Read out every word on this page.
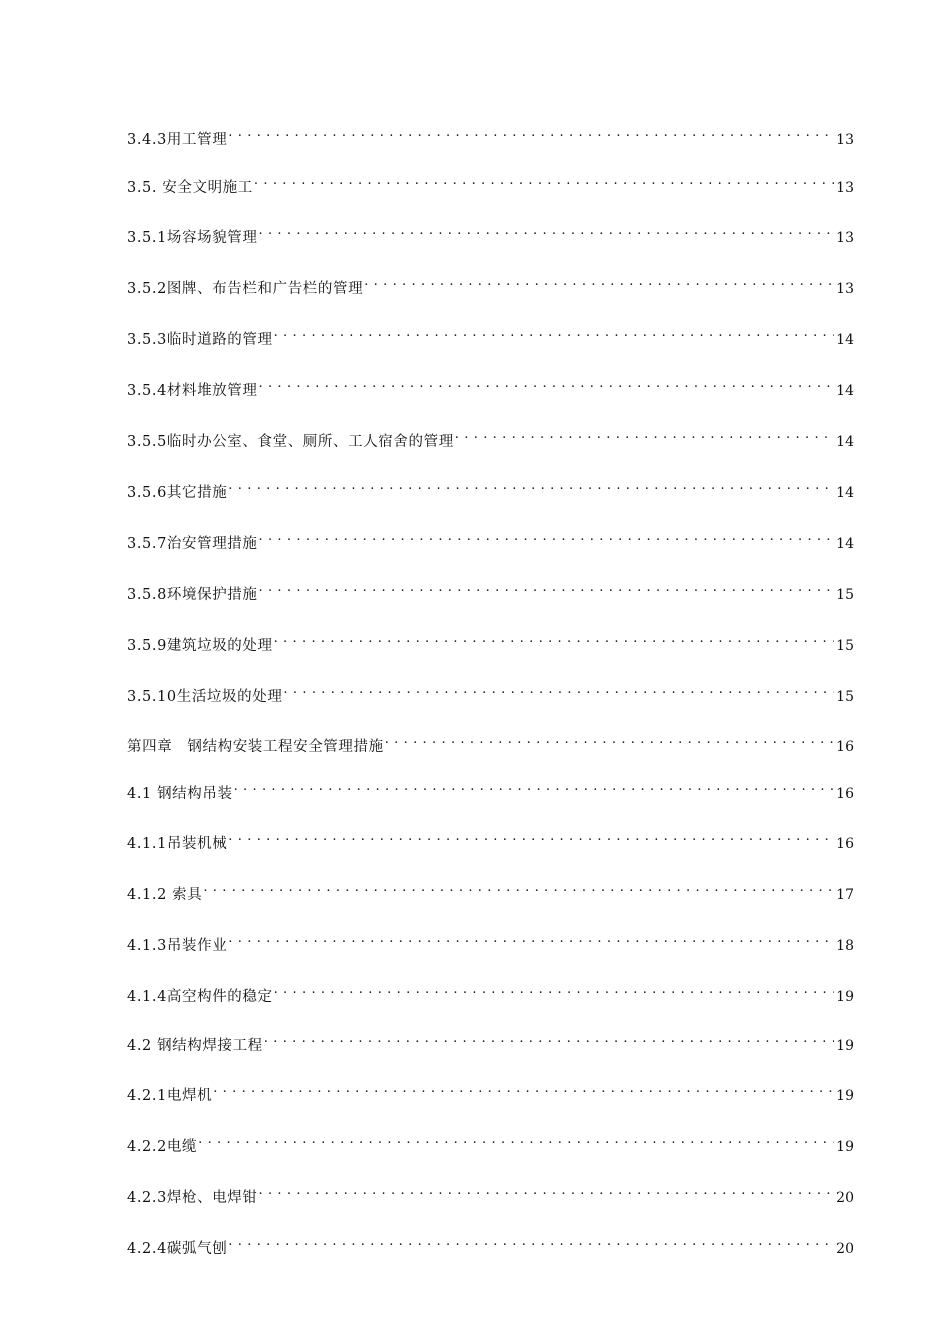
3.4.3用工管理 . . .	13
3.5. 安全文明施工 . . .	13
3.5.1场容场貌管理 . . .	13
3.5.2图牌、布告栏和广告栏的管理 . . .	13
3.5.3临时道路的管理 . . .	14
3.5.4材料堆放管理 . . .	14
3.5.5临时办公室、食堂、厕所、工人宿舍的管理 . . .	14
3.5.6其它措施 . . .	14
3.5.7治安管理措施 . . .	14
3.5.8环境保护措施 . . .	15
3.5.9建筑垃圾的处理 . . .	15
3.5.10生活垃圾的处理 . . .	15
第四章　钢结构安装工程安全管理措施 . . .	16
4.1 钢结构吊装 . . .	16
4.1.1吊装机械 . . .	16
4.1.2 索具 . . .	17
4.1.3吊装作业 . . .	18
4.1.4高空构件的稳定 . . .	19
4.2 钢结构焊接工程 . . .	19
4.2.1电焊机 . . .	19
4.2.2电缆 . . .	19
4.2.3焊枪、电焊钳 . . .	20
4.2.4碳弧气刨 . . .	20
